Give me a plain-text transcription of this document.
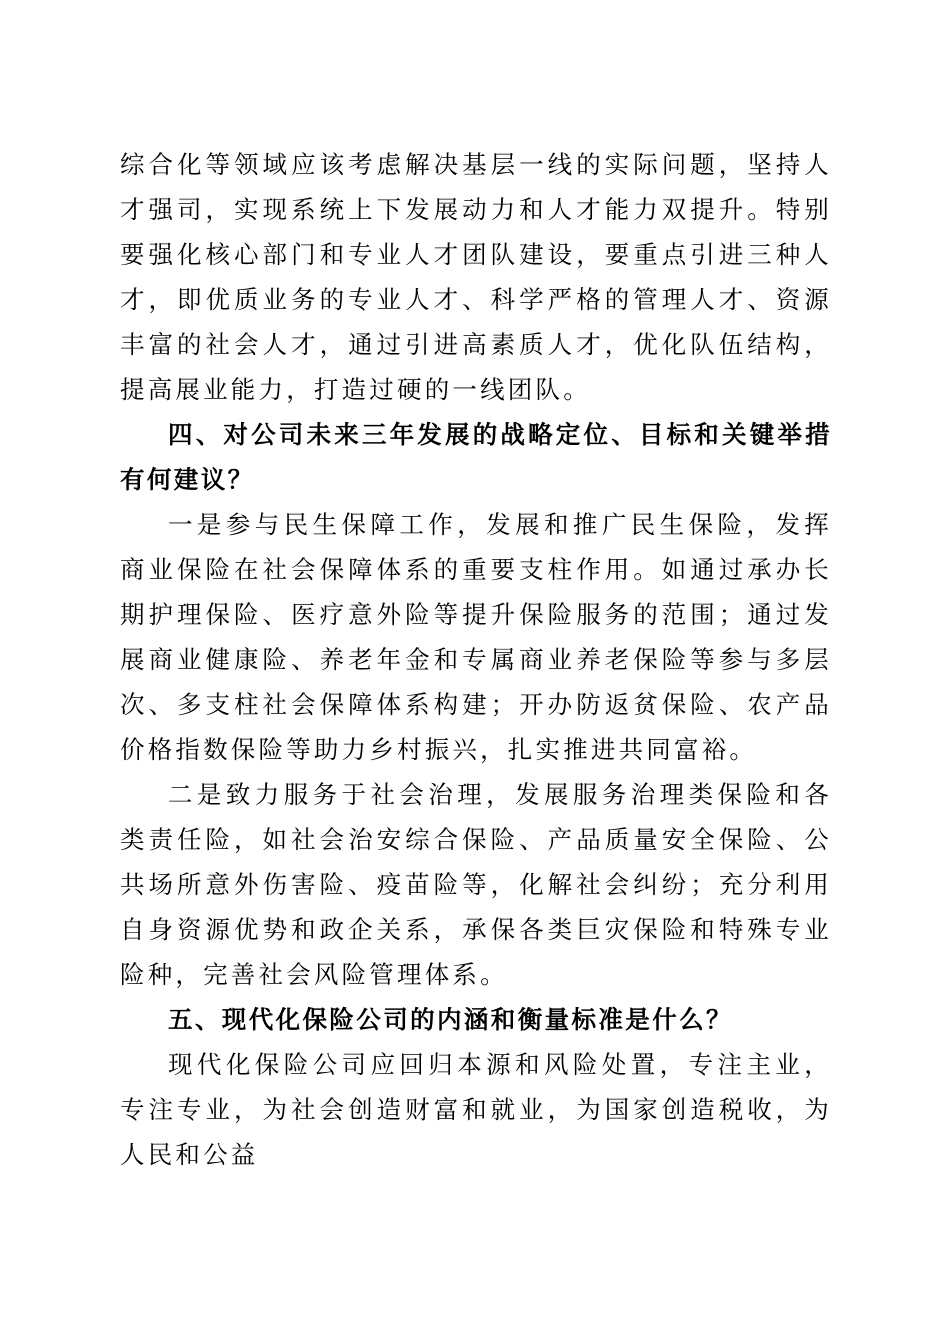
综合化等领域应该考虑解决基层一线的实际问题，坚持人才强司，实现系统上下发展动力和人才能力双提升。特别要强化核心部门和专业人才团队建设，要重点引进三种人才，即优质业务的专业人才、科学严格的管理人才、资源丰富的社会人才，通过引进高素质人才，优化队伍结构，提高展业能力，打造过硬的一线团队。

四、对公司未来三年发展的战略定位、目标和关键举措有何建议？

一是参与民生保障工作，发展和推广民生保险，发挥商业保险在社会保障体系的重要支柱作用。如通过承办长期护理保险、医疗意外险等提升保险服务的范围；通过发展商业健康险、养老年金和专属商业养老保险等参与多层次、多支柱社会保障体系构建；开办防返贫保险、农产品价格指数保险等助力乡村振兴，扎实推进共同富裕。

二是致力服务于社会治理，发展服务治理类保险和各类责任险，如社会治安综合保险、产品质量安全保险、公共场所意外伤害险、疫苗险等，化解社会纠纷；充分利用自身资源优势和政企关系，承保各类巨灾保险和特殊专业险种，完善社会风险管理体系。

五、现代化保险公司的内涵和衡量标准是什么？

现代化保险公司应回归本源和风险处置，专注主业，专注专业，为社会创造财富和就业，为国家创造税收，为人民和公益
